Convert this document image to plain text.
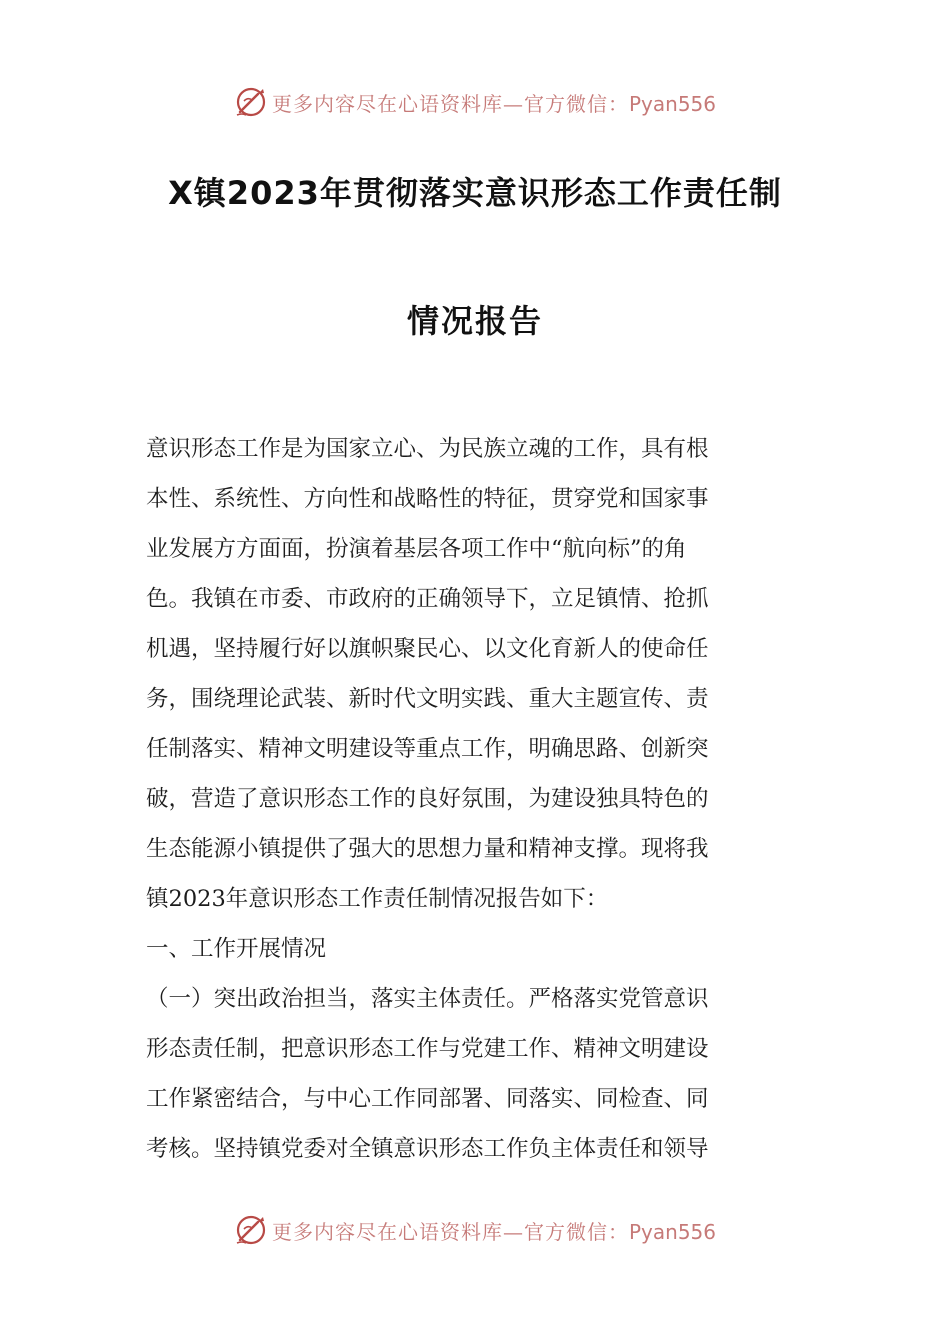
更多内容尽在心语资料库—官方微信：Pyan556
X镇2023年贯彻落实意识形态工作责任制
情况报告
意识形态工作是为国家立心、为民族立魂的工作，具有根
本性、系统性、方向性和战略性的特征，贯穿党和国家事
业发展方方面面，扮演着基层各项工作中“航向标”的角
色。我镇在市委、市政府的正确领导下，立足镇情、抢抓
机遇，坚持履行好以旗帜聚民心、以文化育新人的使命任
务，围绕理论武装、新时代文明实践、重大主题宣传、责
任制落实、精神文明建设等重点工作，明确思路、创新突
破，营造了意识形态工作的良好氛围，为建设独具特色的
生态能源小镇提供了强大的思想力量和精神支撑。现将我
镇2023年意识形态工作责任制情况报告如下：
一、工作开展情况
（一）突出政治担当，落实主体责任。严格落实党管意识
形态责任制，把意识形态工作与党建工作、精神文明建设
工作紧密结合，与中心工作同部署、同落实、同检查、同
考核。坚持镇党委对全镇意识形态工作负主体责任和领导
更多内容尽在心语资料库—官方微信：Pyan556
